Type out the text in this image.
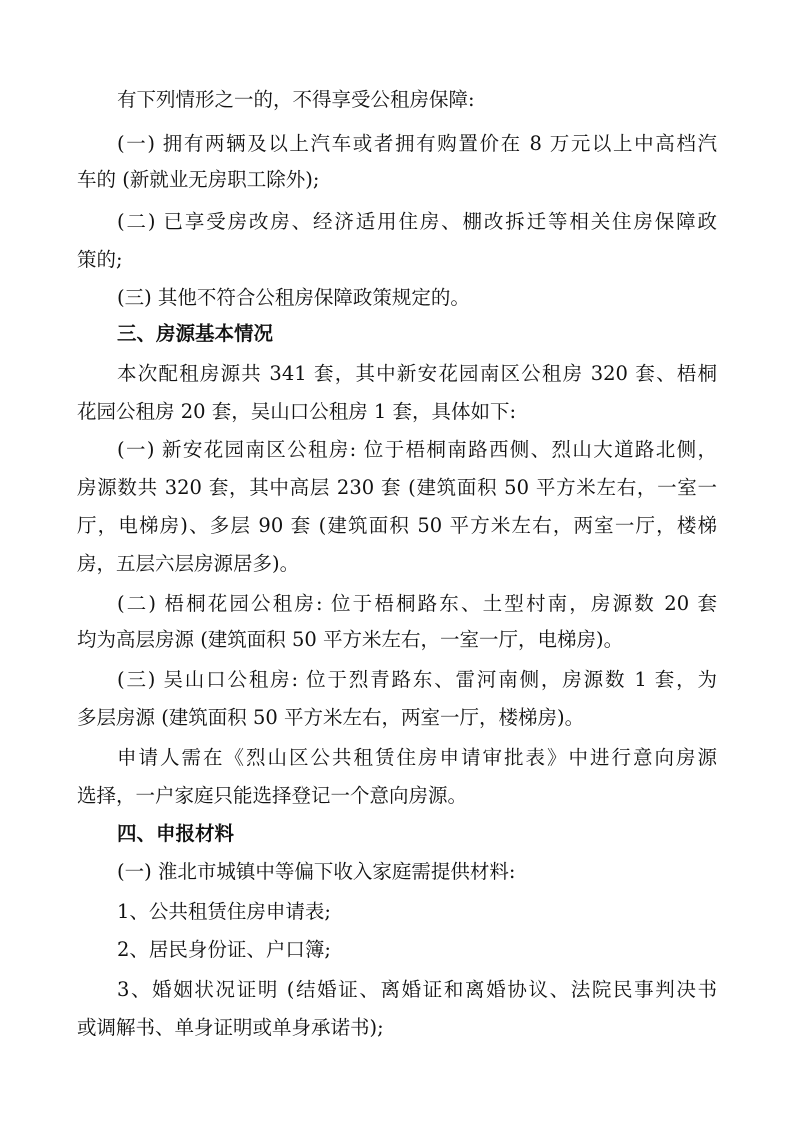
有下列情形之一的，不得享受公租房保障:
(一) 拥有两辆及以上汽车或者拥有购置价在 8 万元以上中高档汽
车的 (新就业无房职工除外);
(二) 已享受房改房、经济适用住房、棚改拆迁等相关住房保障政
策的;
(三) 其他不符合公租房保障政策规定的。
三、房源基本情况
本次配租房源共 341 套，其中新安花园南区公租房 320 套、梧桐
花园公租房 20 套，吴山口公租房 1 套，具体如下:
(一) 新安花园南区公租房: 位于梧桐南路西侧、烈山大道路北侧，
房源数共 320 套，其中高层 230 套 (建筑面积 50 平方米左右，一室一
厅，电梯房)、多层 90 套 (建筑面积 50 平方米左右，两室一厅，楼梯
房，五层六层房源居多)。
(二) 梧桐花园公租房: 位于梧桐路东、土型村南，房源数 20 套
均为高层房源 (建筑面积 50 平方米左右，一室一厅，电梯房)。
(三) 吴山口公租房: 位于烈青路东、雷河南侧，房源数 1 套，为
多层房源 (建筑面积 50 平方米左右，两室一厅，楼梯房)。
申请人需在《烈山区公共租赁住房申请审批表》中进行意向房源
选择，一户家庭只能选择登记一个意向房源。
四、申报材料
(一) 淮北市城镇中等偏下收入家庭需提供材料:
1、公共租赁住房申请表;
2、居民身份证、户口簿;
3、婚姻状况证明 (结婚证、离婚证和离婚协议、法院民事判决书
或调解书、单身证明或单身承诺书);
